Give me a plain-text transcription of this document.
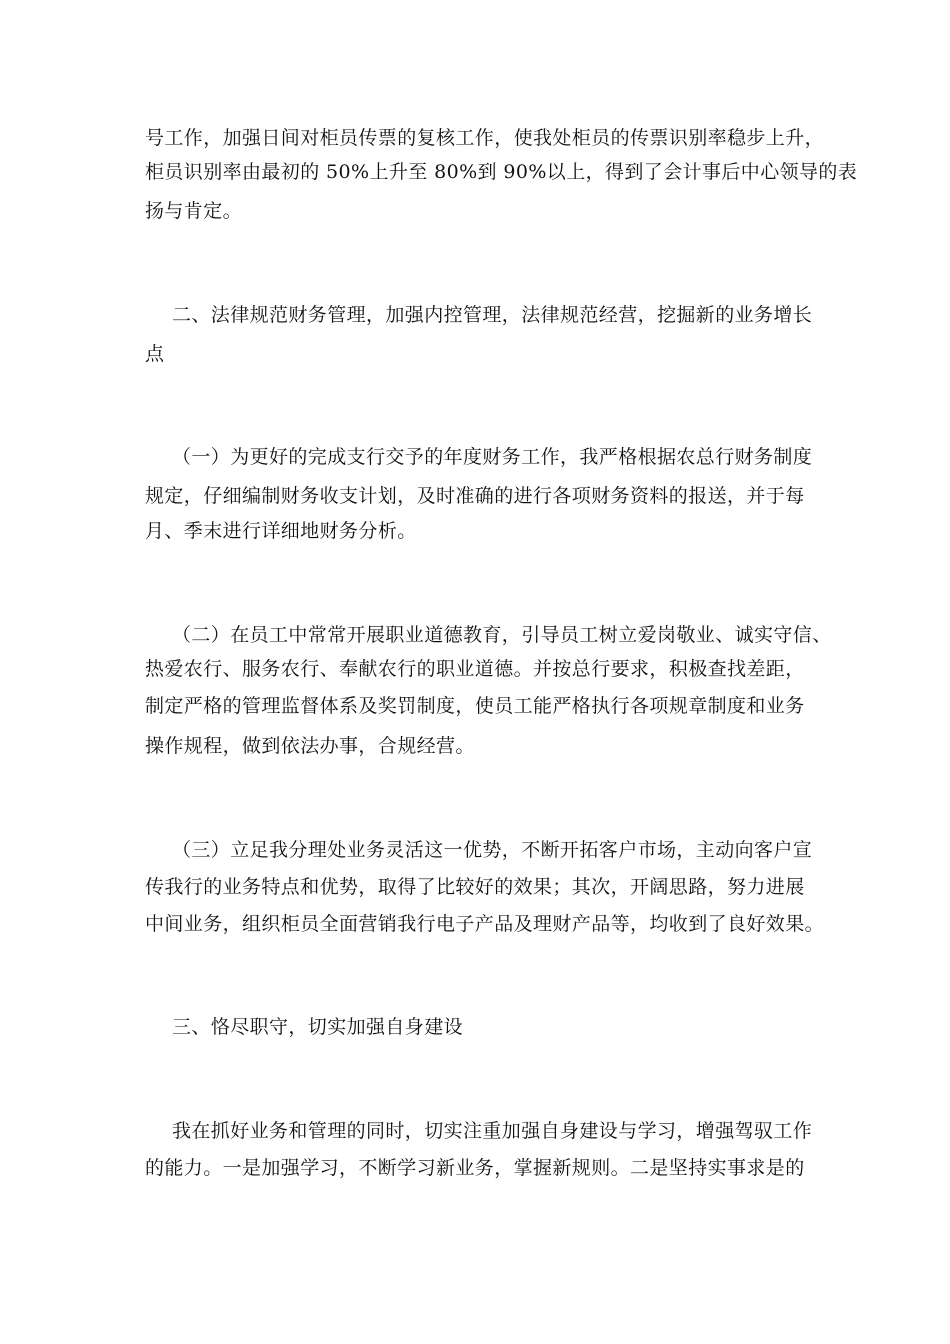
号工作，加强日间对柜员传票的复核工作，使我处柜员的传票识别率稳步上升，
柜员识别率由最初的 50%上升至 80%到 90%以上，得到了会计事后中心领导的表
扬与肯定。
二、法律规范财务管理，加强内控管理，法律规范经营，挖掘新的业务增长
点
（一）为更好的完成支行交予的年度财务工作，我严格根据农总行财务制度
规定，仔细编制财务收支计划，及时准确的进行各项财务资料的报送，并于每
月、季末进行详细地财务分析。
（二）在员工中常常开展职业道德教育，引导员工树立爱岗敬业、诚实守信、
热爱农行、服务农行、奉献农行的职业道德。并按总行要求，积极查找差距，
制定严格的管理监督体系及奖罚制度，使员工能严格执行各项规章制度和业务
操作规程，做到依法办事，合规经营。
（三）立足我分理处业务灵活这一优势，不断开拓客户市场，主动向客户宣
传我行的业务特点和优势，取得了比较好的效果；其次，开阔思路，努力进展
中间业务，组织柜员全面营销我行电子产品及理财产品等，均收到了良好效果。
三、恪尽职守，切实加强自身建设
我在抓好业务和管理的同时，切实注重加强自身建设与学习，增强驾驭工作
的能力。一是加强学习，不断学习新业务，掌握新规则。二是坚持实事求是的
